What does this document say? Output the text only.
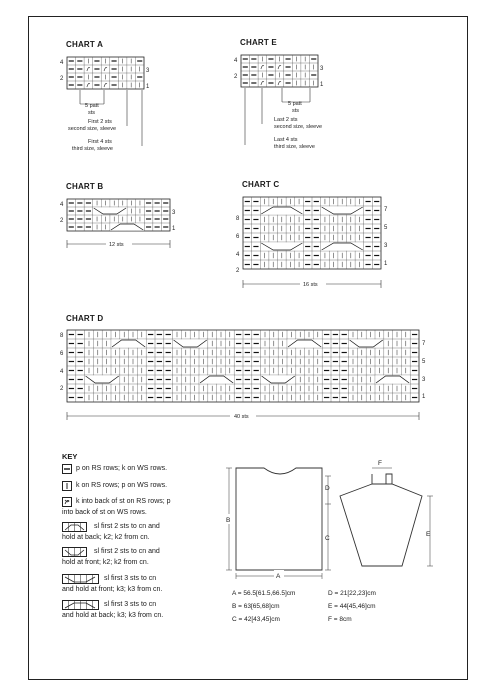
CHART A
4
2
3
1
5 patt
sts
First 2 sts
second size, sleeve
First 4 sts
third size, sleeve
CHART E
4
2
3
1
5 patt
sts
Last 2 sts
second size, sleeve
Last 4 sts
third size, sleeve
CHART B
4
2
3
1
12 sts
CHART C
8
6
4
2
7
5
3
1
16 sts
CHART D
8
6
4
2
7
5
3
1
40 sts
KEY
p on RS rows; k on WS rows.
k on RS rows; p on WS rows.
k into back of st on RS rows; p
into back of st on WS rows.
sl first 2 sts to cn and
hold at back; k2; k2 from cn.
sl first 2 sts to cn and
hold at front; k2; k2 from cn.
sl first 3 sts to cn
and hold at front; k3; k3 from cn.
sl first 3 sts to cn
and hold at back; k3; k3 from cn.
A
B
D
C
F
E
A = 56.5[61.5,66.5]cm	D = 21[22,23]cm
B = 63[65,68]cm	E = 44[45,46]cm
C = 42[43,45]cm	F = 8cm
